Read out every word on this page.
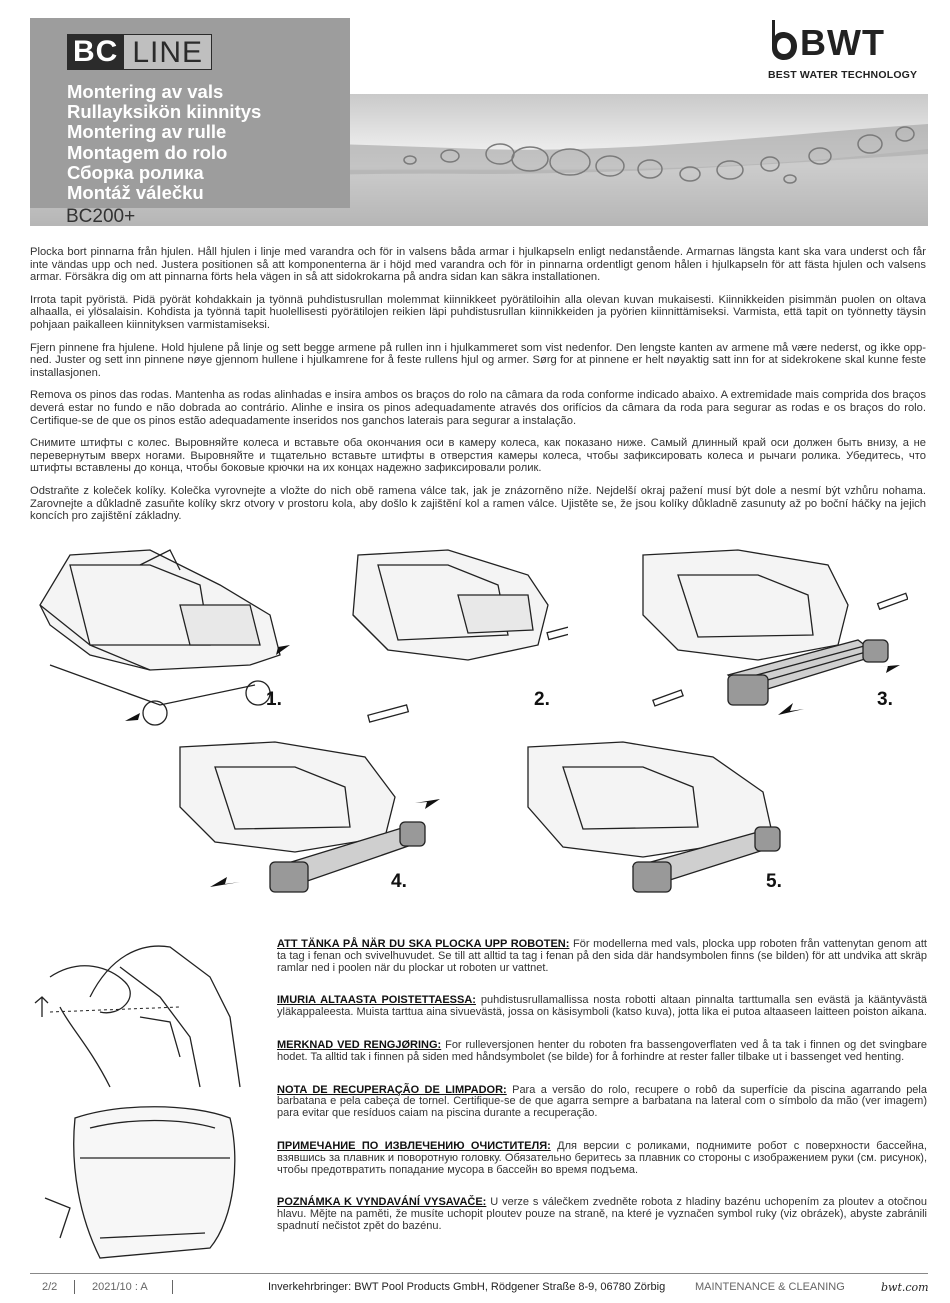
BC LINE
Montering av vals
Rullayksikön kiinnitys
Montering av rulle
Montagem do rolo
Сборка ролика
Montáž válečku
BC200+
BWT
BEST WATER TECHNOLOGY

Plocka bort pinnarna från hjulen. Håll hjulen i linje med varandra och för in valsens båda armar i hjulkapseln enligt nedanstående. Armarnas längsta kant ska vara underst och får inte vändas upp och ned. Justera positionen så att komponenterna är i höjd med varandra och för in pinnarna ordentligt genom hålen i hjulkapseln för att fästa hjulen och valsens armar. Försäkra dig om att pinnarna förts hela vägen in så att sidokrokarna på andra sidan kan säkra installationen.

Irrota tapit pyöristä. Pidä pyörät kohdakkain ja työnnä puhdistusrullan molemmat kiinnikkeet pyörätiloihin alla olevan kuvan mukaisesti. Kiinnikkeiden pisimmän puolen on oltava alhaalla, ei ylösalaisin. Kohdista ja työnnä tapit huolellisesti pyörätilojen reikien läpi puhdistusrullan kiinnikkeiden ja pyörien kiinnittämiseksi. Varmista, että tapit on työnnetty täysin pohjaan paikalleen kiinnityksen varmistamiseksi.

Fjern pinnene fra hjulene. Hold hjulene på linje og sett begge armene på rullen inn i hjulkammeret som vist nedenfor. Den lengste kanten av armene må være nederst, og ikke opp-ned. Juster og sett inn pinnene nøye gjennom hullene i hjulkamrene for å feste rullens hjul og armer. Sørg for at pinnene er helt nøyaktig satt inn for at sidekrokene skal kunne feste installasjonen.

Remova os pinos das rodas. Mantenha as rodas alinhadas e insira ambos os braços do rolo na câmara da roda conforme indicado abaixo. A extremidade mais comprida dos braços deverá estar no fundo e não dobrada ao contrário. Alinhe e insira os pinos adequadamente através dos orifícios da câmara da roda para segurar as rodas e os braços do rolo. Certifique-se de que os pinos estão adequadamente inseridos nos ganchos laterais para segurar a instalação.

Снимите штифты с колес. Выровняйте колеса и вставьте оба окончания оси в камеру колеса, как показано ниже. Самый длинный край оси должен быть внизу, а не перевернутым вверх ногами. Выровняйте и тщательно вставьте штифты в отверстия камеры колеса, чтобы зафиксировать колеса и рычаги ролика. Убедитесь, что штифты вставлены до конца, чтобы боковые крючки на их концах надежно зафиксировали ролик.

Odstraňte z koleček kolíky. Kolečka vyrovnejte a vložte do nich obě ramena válce tak, jak je znázorněno níže. Nejdelší okraj pažení musí být dole a nesmí být vzhůru nohama. Zarovnejte a důkladně zasuňte kolíky skrz otvory v prostoru kola, aby došlo k zajištění kol a ramen válce. Ujistěte se, že jsou kolíky důkladně zasunuty až po boční háčky na jejich koncích pro zajištění základny.

1.	2.	3.
4.	5.

ATT TÄNKA PÅ NÄR DU SKA PLOCKA UPP ROBOTEN: För modellerna med vals, plocka upp roboten från vattenytan genom att ta tag i fenan och svivelhuvudet. Se till att alltid ta tag i fenan på den sida där handsymbolen finns (se bilden) för att undvika att skräp ramlar ned i poolen när du plockar ut roboten ur vattnet.

IMURIA ALTAASTA POISTETTAESSA: puhdistusrullamallissa nosta robotti altaan pinnalta tarttumalla sen evästä ja kääntyvästä yläkappaleesta. Muista tarttua aina sivuevästä, jossa on käsisymboli (katso kuva), jotta lika ei putoa altaaseen laitteen poiston aikana.

MERKNAD VED RENGJØRING: For rulleversjonen henter du roboten fra bassengoverflaten ved å ta tak i finnen og det svingbare hodet. Ta alltid tak i finnen på siden med håndsymbolet (se bilde) for å forhindre at rester faller tilbake ut i bassenget ved henting.

NOTA DE RECUPERAÇÃO DE LIMPADOR: Para a versão do rolo, recupere o robô da superfície da piscina agarrando pela barbatana e pela cabeça de tornel. Certifique-se de que agarra sempre a barbatana na lateral com o símbolo da mão (ver imagem) para evitar que resíduos caiam na piscina durante a recuperação.

ПРИМЕЧАНИЕ ПО ИЗВЛЕЧЕНИЮ ОЧИСТИТЕЛЯ: Для версии с роликами, поднимите робот с поверхности бассейна, взявшись за плавник и поворотную головку. Обязательно беритесь за плавник со стороны с изображением руки (см. рисунок), чтобы предотвратить попадание мусора в бассейн во время подъема.

POZNÁMKA K VYNDAVÁNÍ VYSAVAČE: U verze s válečkem zvedněte robota z hladiny bazénu uchopením za ploutev a otočnou hlavu. Mějte na paměti, že musíte uchopit ploutev pouze na straně, na které je vyznačen symbol ruky (viz obrázek), abyste zabránili spadnutí nečistot zpět do bazénu.

2/2	2021/10 : A	Inverkehrbringer: BWT Pool Products GmbH, Rödgener Straße 8-9, 06780 Zörbig	MAINTENANCE & CLEANING	bwt.com
